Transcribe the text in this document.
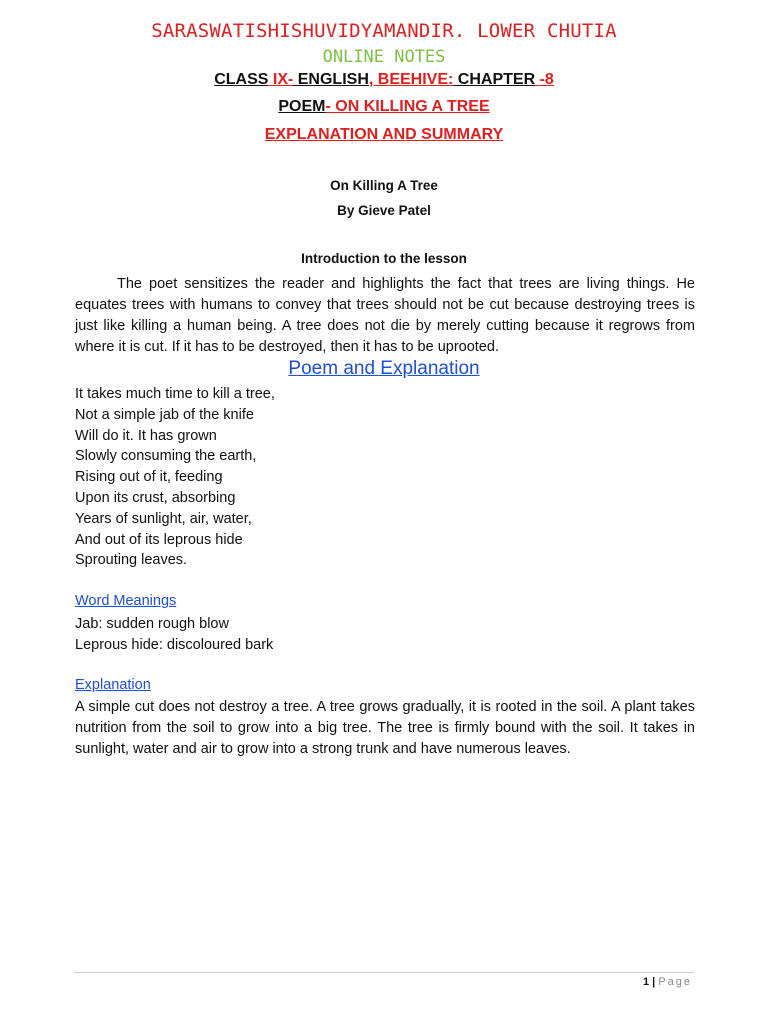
SARASWATISHISHUVIDYAMANDIR. LOWER CHUTIA
ONLINE NOTES
CLASS IX- ENGLISH, BEEHIVE: CHAPTER -8
POEM- ON KILLING A TREE
EXPLANATION AND SUMMARY
On Killing A Tree
By Gieve Patel
Introduction to the lesson
The poet sensitizes the reader and highlights the fact that trees are living things. He equates trees with humans to convey that trees should not be cut because destroying trees is just like killing a human being. A tree does not die by merely cutting because it regrows from where it is cut. If it has to be destroyed, then it has to be uprooted.
Poem and Explanation
It takes much time to kill a tree,
Not a simple jab of the knife
Will do it. It has grown
Slowly consuming the earth,
Rising out of it, feeding
Upon its crust, absorbing
Years of sunlight, air, water,
And out of its leprous hide
Sprouting leaves.
Word Meanings
Jab: sudden rough blow
Leprous hide: discoloured bark
Explanation
A simple cut does not destroy a tree. A tree grows gradually, it is rooted in the soil. A plant takes nutrition from the soil to grow into a big tree. The tree is firmly bound with the soil. It takes in sunlight, water and air to grow into a strong trunk and have numerous leaves.
1 | Page
